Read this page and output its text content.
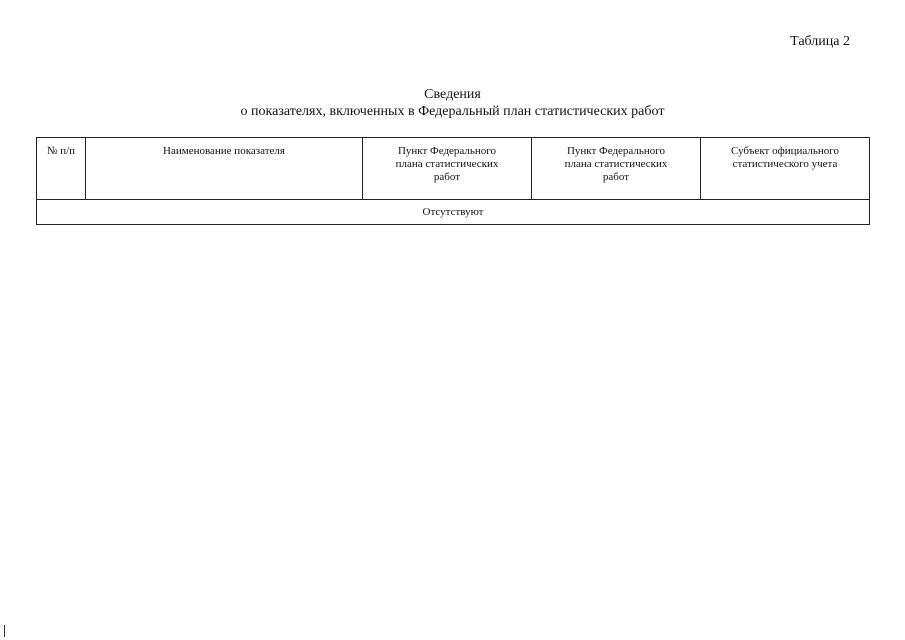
Таблица 2
Сведения
о показателях, включенных в Федеральный план статистических работ
№ п/п	Наименование показателя	Пункт Федерального плана статистических работ	Пункт Федерального плана статистических работ	Субъект официального статистического учета
Отсутствуют
